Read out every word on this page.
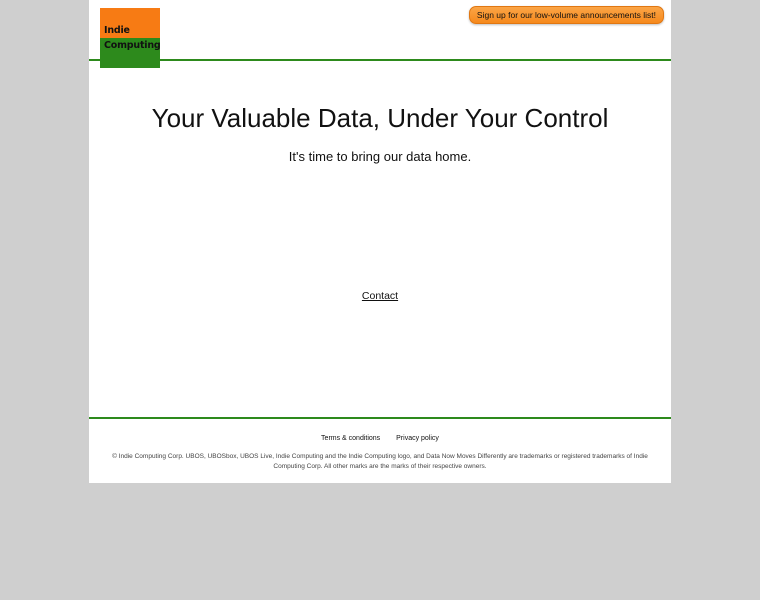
Indie
Computing
Sign up for our low-volume announcements list!
Your Valuable Data, Under Your Control

It's time to bring our data home.

Contact
Terms & conditions Privacy policy
© Indie Computing Corp. UBOS, UBOSbox, UBOS Live, Indie Computing and the Indie Computing logo, and Data Now Moves Differently are trademarks or registered trademarks of Indie Computing Corp. All other marks are the marks of their respective owners.
